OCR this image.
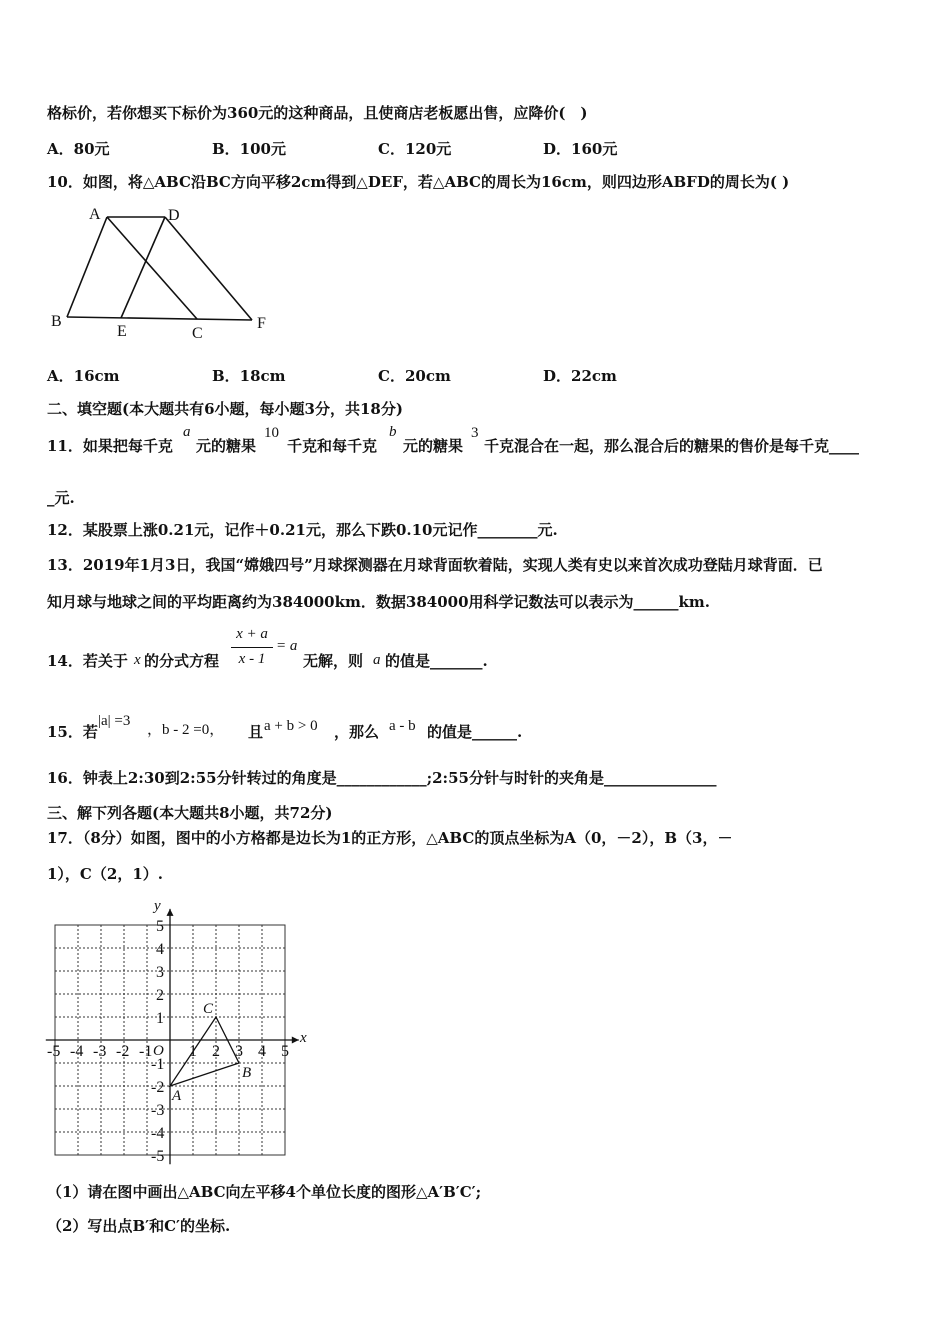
格标价，若你想买下标价为360元的这种商品，且使商店老板愿出售，应降价(　)
A．80元	B．100元	C．120元	D．160元
10．如图，将△ABC沿BC方向平移2cm得到△DEF，若△ABC的周长为16cm，则四边形ABFD的周长为( )
A	D
B
E	C
F
A．16cm	B．18cm	C．20cm	D．22cm
二、填空题(本大题共有6小题，每小题3分，共18分)
11．如果把每千克
a
元的糖果
10
千克和每千克
b
元的糖果
3
千克混合在一起，那么混合后的糖果的售价是每千克____
_元.
12．某股票上涨0.21元，记作＋0.21元，那么下跌0.10元记作________元.
13．2019年1月3日，我国“嫦娥四号”月球探测器在月球背面软着陆，实现人类有史以来首次成功登陆月球背面．已
知月球与地球之间的平均距离约为384000km．数据384000用科学记数法可以表示为______km.
14．若关于 x 的分式方程
x + a
x - 1
= a
无解，则 a 的值是_______.
15．若
|a| =3
，b - 2 =0， 且 a + b > 0 ，那么 a - b 的值是______.
16．钟表上2:30到2:55分针转过的角度是____________;2:55分针与时针的夹角是_______________
三、解下列各题(本大题共8小题，共72分)
17．（8分）如图，图中的小方格都是边长为1的正方形，△ABC的顶点坐标为A（0，－2），B（3，－
1），C（2，1）.
x
y
O
-5 -4 -3 -2 -1 1 2 3 4 5
5
4
3
2
1
-1
-2
-3
-4
-5
A
B
C
（1）请在图中画出△ABC向左平移4个单位长度的图形△A′B′C′;
（2）写出点B′和C′的坐标.
